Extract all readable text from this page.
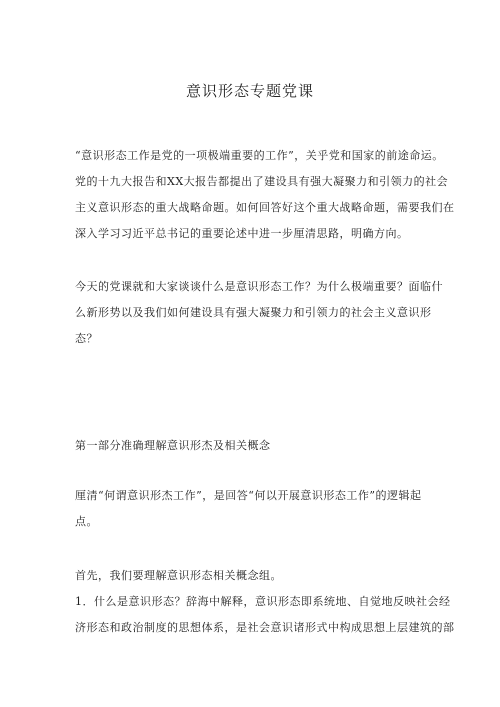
意识形态专题党课
“意识形态工作是党的一项极端重要的工作”，关乎党和国家的前途命运。
党的十九大报告和XX大报告都提出了建设具有强大凝聚力和引领力的社会
主义意识形态的重大战略命题。如何回答好这个重大战略命题，需要我们在
深入学习习近平总书记的重要论述中进一步厘清思路，明确方向。
今天的党课就和大家谈谈什么是意识形态工作？为什么极端重要？面临什
么新形势以及我们如何建设具有强大凝聚力和引领力的社会主义意识形
态？
第一部分准确理解意识形杰及相关概念
厘清“何谓意识形杰工作”，是回答“何以开展意识形态工作”的逻辑起
点。
首先，我们要理解意识形态相关概念组。
1．什么是意识形态？辞海中解释，意识形态即系统地、自觉地反映社会经
济形态和政治制度的思想体系，是社会意识诸形式中构成思想上层建筑的部
